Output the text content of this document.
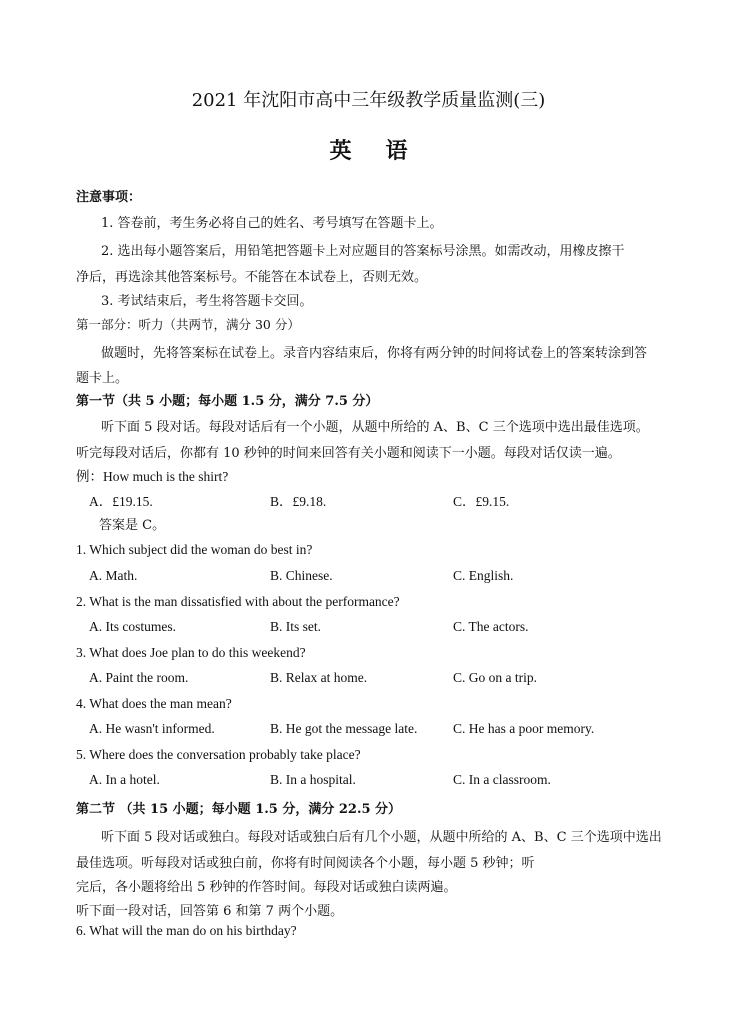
2021 年沈阳市高中三年级教学质量监测(三)
英语
注意事项：
1. 答卷前，考生务必将自己的姓名、考号填写在答题卡上。
2. 选出每小题答案后，用铅笔把答题卡上对应题目的答案标号涂黑。如需改动，用橡皮擦干
净后，再选涂其他答案标号。不能答在本试卷上，否则无效。
3. 考试结束后，考生将答题卡交回。
第一部分：听力（共两节，满分 30 分）
做题时，先将答案标在试卷上。录音内容结束后，你将有两分钟的时间将试卷上的答案转涂到答
题卡上。
第一节（共 5 小题；每小题 1.5 分，满分 7.5 分）
听下面 5 段对话。每段对话后有一个小题，从题中所给的 A、B、C 三个选项中选出最佳选项。
听完每段对话后，你都有 10 秒钟的时间来回答有关小题和阅读下一小题。每段对话仅读一遍。
例：How much is the shirt?
A．£19.15.	B．£9.18.	C．£9.15.
答案是 C。
1. Which subject did the woman do best in?
A. Math.	B. Chinese.	C. English.
2. What is the man dissatisfied with about the performance?
A. Its costumes.	B. Its set.	C. The actors.
3. What does Joe plan to do this weekend?
A. Paint the room.	B. Relax at home.	C. Go on a trip.
4. What does the man mean?
A. He wasn't informed.	B. He got the message late.	C. He has a poor memory.
5. Where does the conversation probably take place?
A. In a hotel.	B. In a hospital.	C. In a classroom.
第二节 （共 15 小题；每小题 1.5 分，满分 22.5 分）
听下面 5 段对话或独白。每段对话或独白后有几个小题，从题中所给的 A、B、C 三个选项中选出
最佳选项。听每段对话或独白前，你将有时间阅读各个小题，每小题 5 秒钟；听
完后，各小题将给出 5 秒钟的作答时间。每段对话或独白读两遍。
听下面一段对话，回答第 6 和第 7 两个小题。
6. What will the man do on his birthday?
